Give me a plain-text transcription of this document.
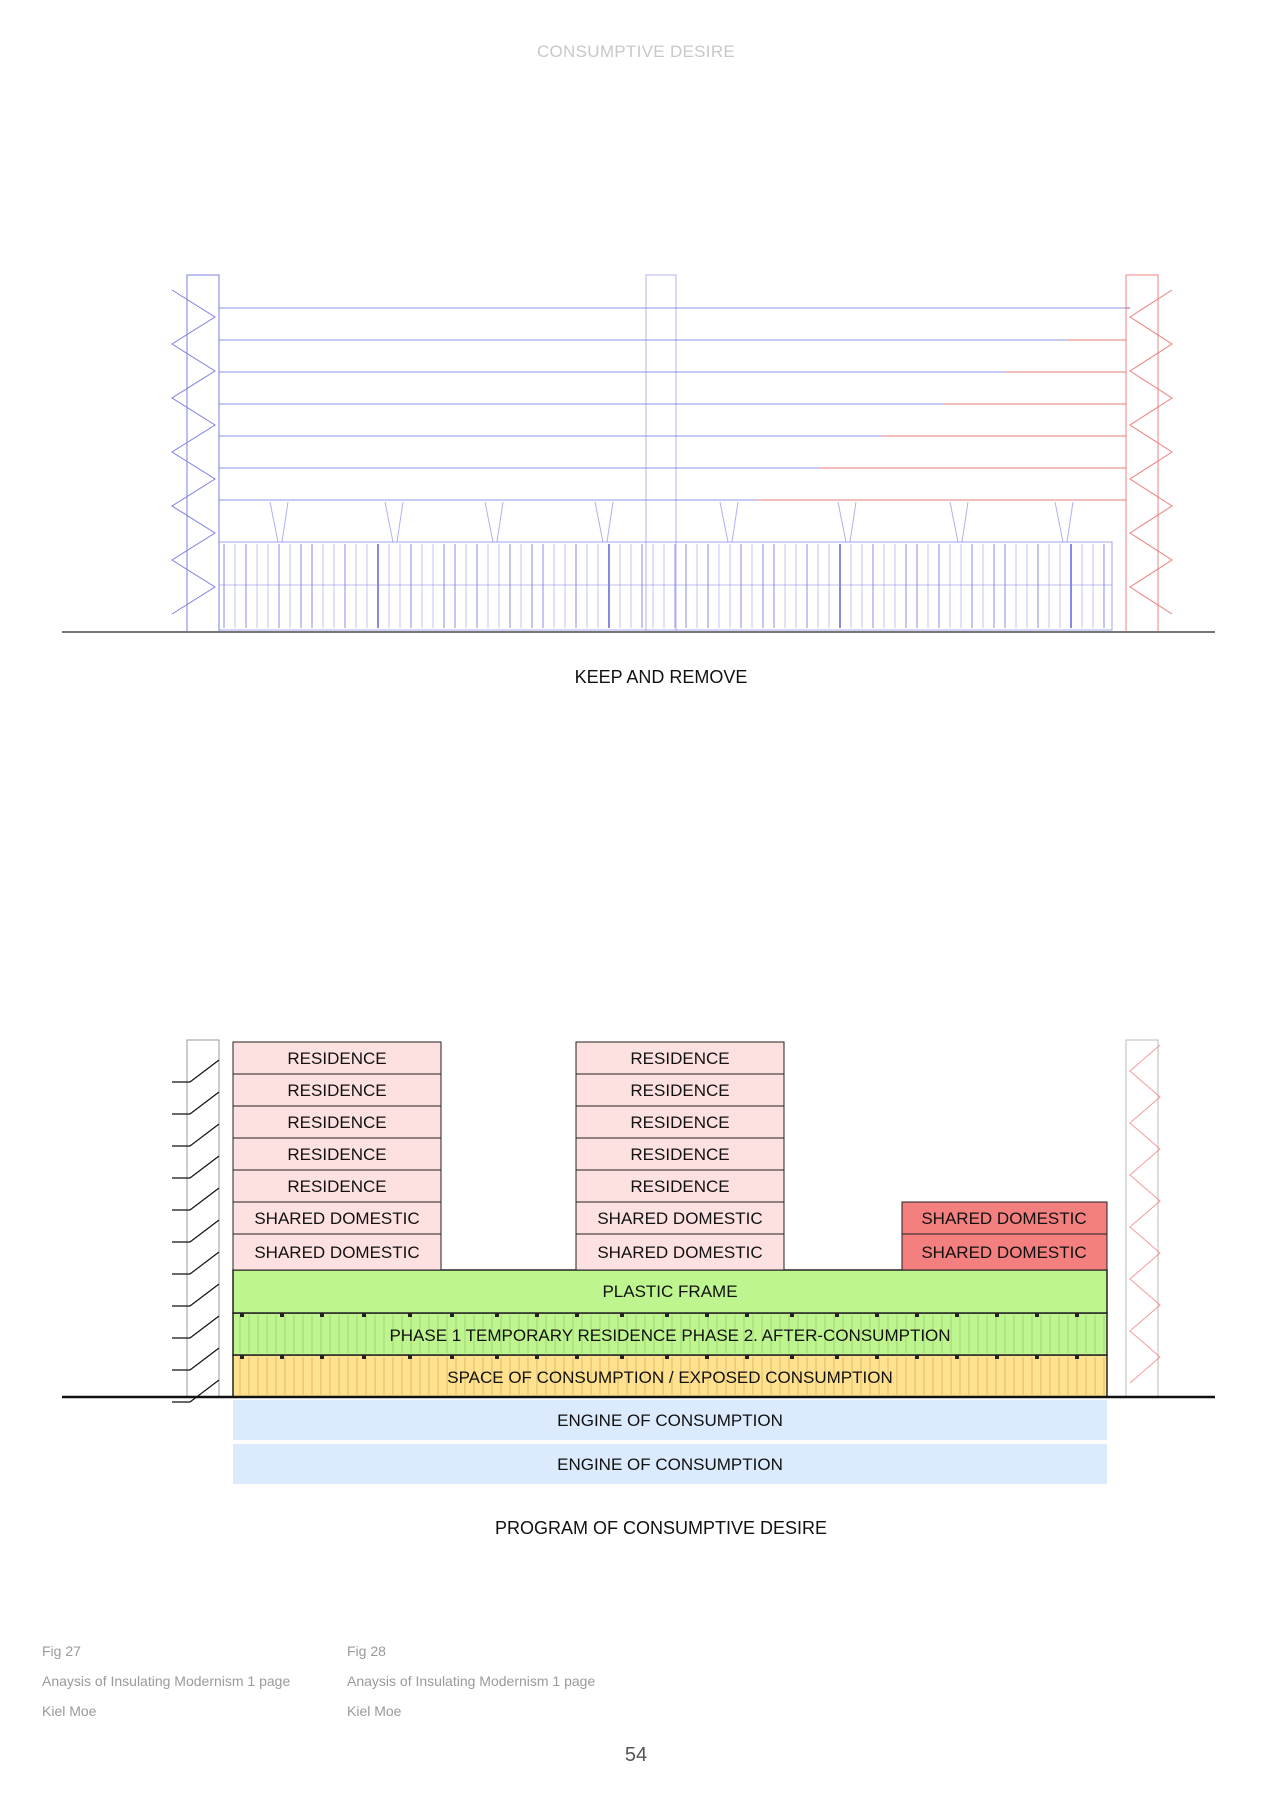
CONSUMPTIVE DESIRE
KEEP AND REMOVE
ENGINE OF CONSUMPTION
ENGINE OF CONSUMPTION
SPACE OF CONSUMPTION / EXPOSED CONSUMPTION
PHASE 1 TEMPORARY RESIDENCE PHASE 2. AFTER-CONSUMPTION
PLASTIC FRAME
RESIDENCE
RESIDENCE
RESIDENCE
RESIDENCE
RESIDENCE
SHARED DOMESTIC
SHARED DOMESTIC
RESIDENCE
RESIDENCE
RESIDENCE
RESIDENCE
RESIDENCE
SHARED DOMESTIC
SHARED DOMESTIC
SHARED DOMESTIC
SHARED DOMESTIC
PROGRAM OF CONSUMPTIVE DESIRE
Fig 27
Anaysis of Insulating Modernism 1 page
Kiel Moe
Fig 28
Anaysis of Insulating Modernism 1 page
Kiel Moe
54
